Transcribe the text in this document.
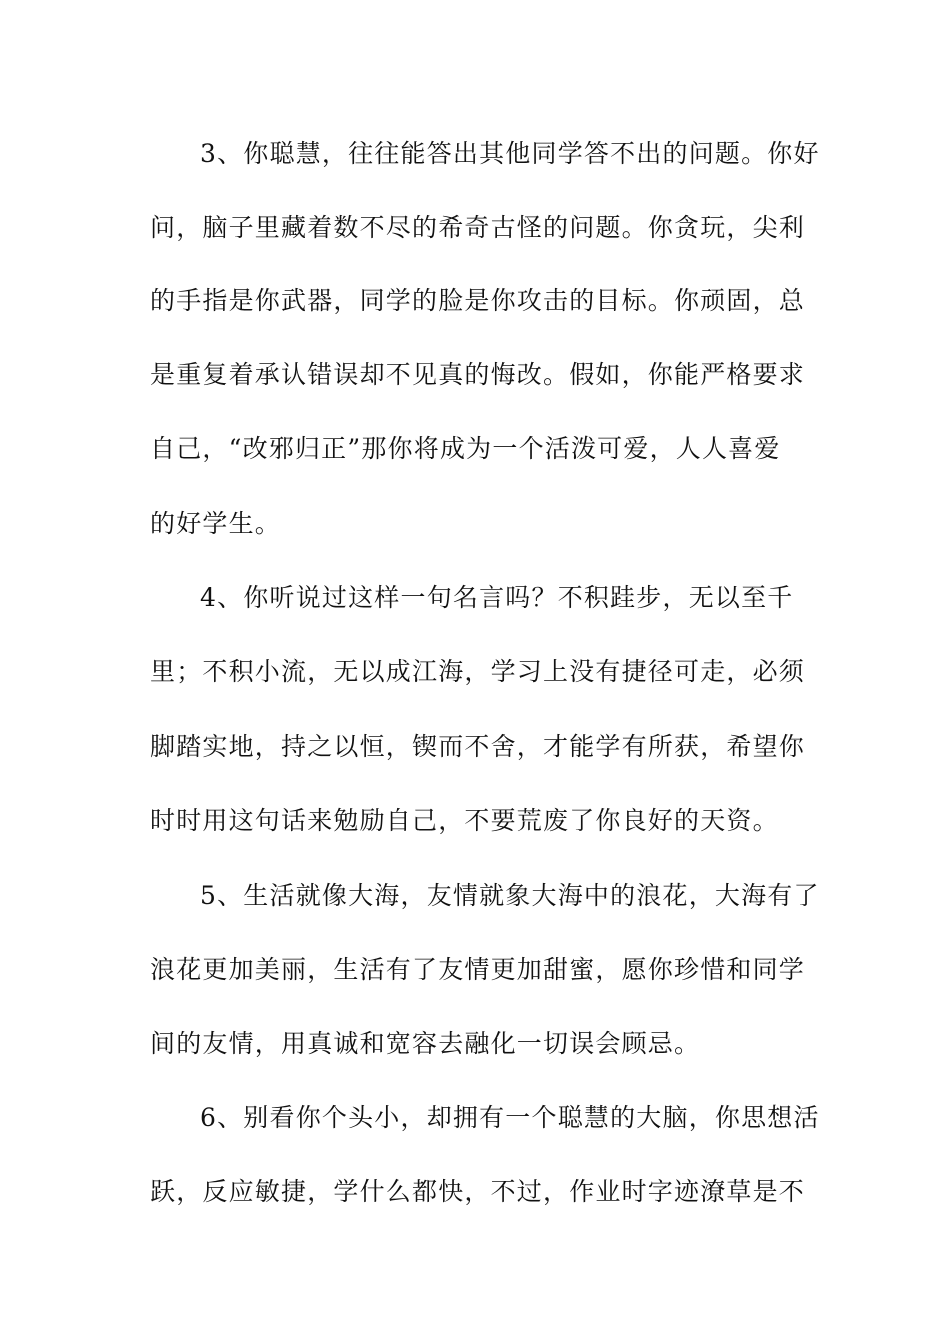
3、你聪慧，往往能答出其他同学答不出的问题。你好
问，脑子里藏着数不尽的希奇古怪的问题。你贪玩，尖利
的手指是你武器，同学的脸是你攻击的目标。你顽固，总
是重复着承认错误却不见真的悔改。假如，你能严格要求
自己，“改邪归正”那你将成为一个活泼可爱，人人喜爱
的好学生。
4、你听说过这样一句名言吗？不积跬步，无以至千
里；不积小流，无以成江海，学习上没有捷径可走，必须
脚踏实地，持之以恒，锲而不舍，才能学有所获，希望你
时时用这句话来勉励自己，不要荒废了你良好的天资。
5、生活就像大海，友情就象大海中的浪花，大海有了
浪花更加美丽，生活有了友情更加甜蜜，愿你珍惜和同学
间的友情，用真诚和宽容去融化一切误会顾忌。
6、别看你个头小，却拥有一个聪慧的大脑，你思想活
跃，反应敏捷，学什么都快，不过，作业时字迹潦草是不
